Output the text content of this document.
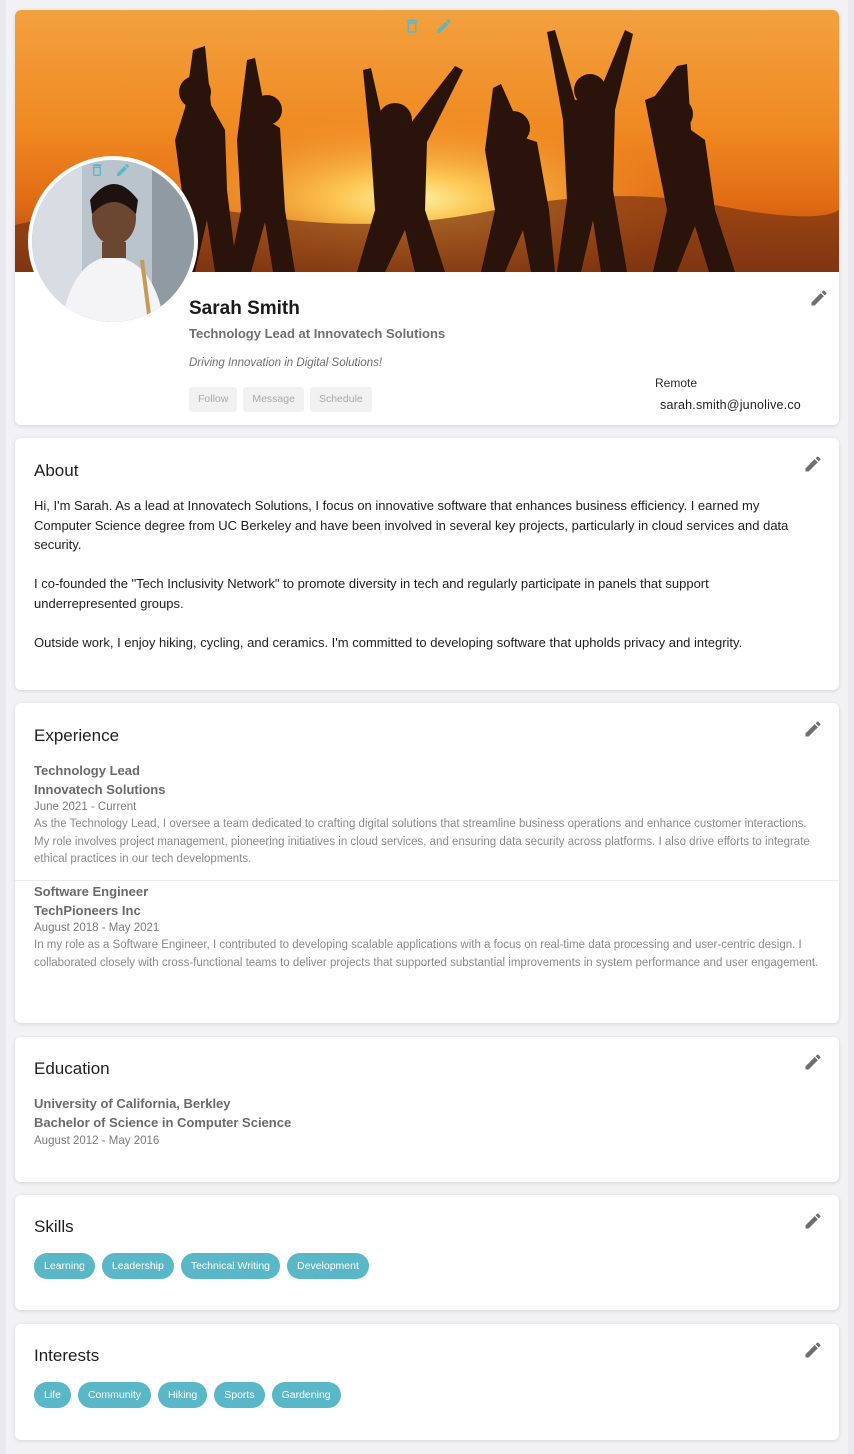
Sarah Smith
Technology Lead at Innovatech Solutions
Driving Innovation in Digital Solutions!
Follow	Message	Schedule
Remote
sarah.smith@junolive.co
About

Hi, I'm Sarah. As a lead at Innovatech Solutions, I focus on innovative software that enhances business efficiency. I earned my Computer Science degree from UC Berkeley and have been involved in several key projects, particularly in cloud services and data security.

I co-founded the "Tech Inclusivity Network" to promote diversity in tech and regularly participate in panels that support underrepresented groups.

Outside work, I enjoy hiking, cycling, and ceramics. I'm committed to developing software that upholds privacy and integrity.

Experience
Technology Lead
Innovatech Solutions
June 2021 - Current
As the Technology Lead, I oversee a team dedicated to crafting digital solutions that streamline business operations and enhance customer interactions. My role involves project management, pioneering initiatives in cloud services, and ensuring data security across platforms. I also drive efforts to integrate ethical practices in our tech developments.
Software Engineer
TechPioneers Inc
August 2018 - May 2021
In my role as a Software Engineer, I contributed to developing scalable applications with a focus on real-time data processing and user-centric design. I collaborated closely with cross-functional teams to deliver projects that supported substantial improvements in system performance and user engagement.
Education
University of California, Berkley
Bachelor of Science in Computer Science
August 2012 - May 2016
Skills
Learning	Leadership	Technical Writing	Development
Interests
Life	Community	Hiking	Sports	Gardening
